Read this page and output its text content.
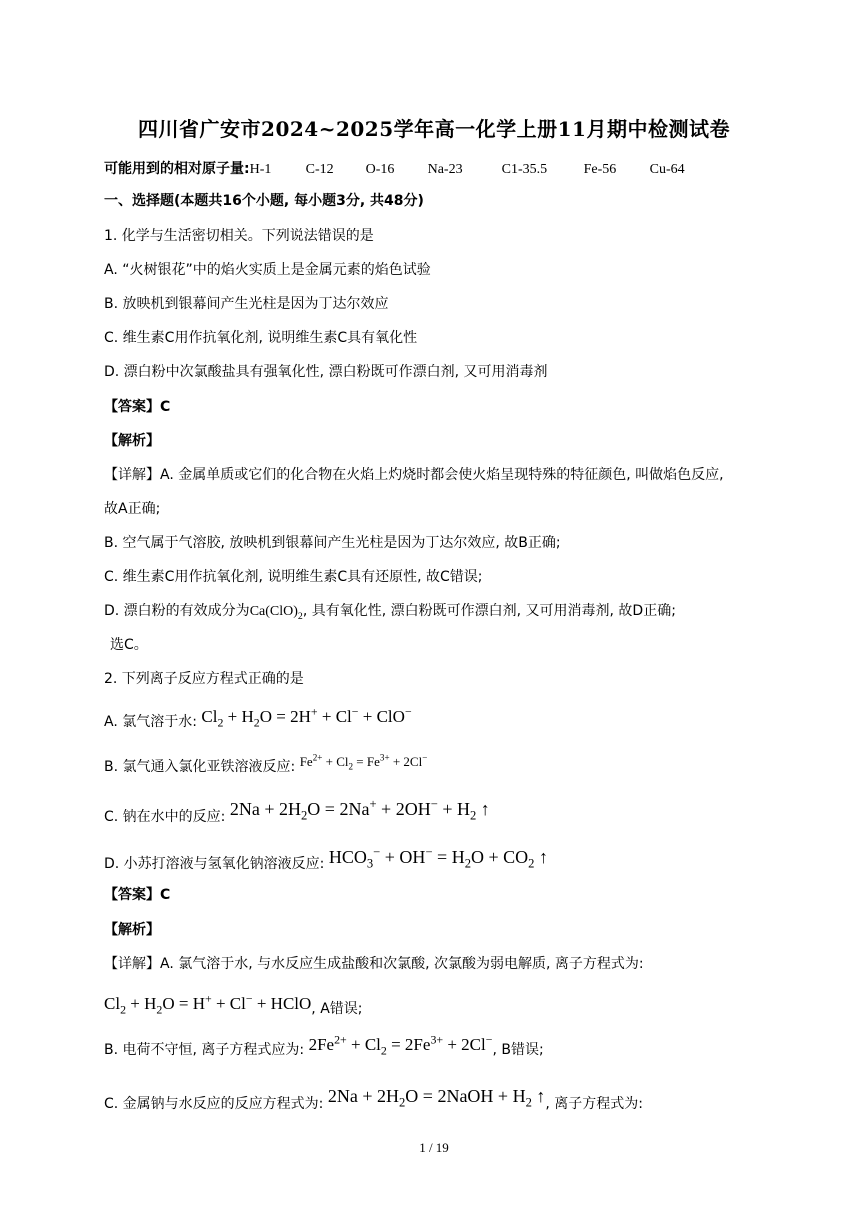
四川省广安市2024~2025学年高一化学上册11月期中检测试卷
可能用到的相对原子量:H-1 C-12 O-16 Na-23	C1-35.5	Fe-56 Cu-64
一、选择题(本题共16个小题, 每小题3分, 共48分)
1. 化学与生活密切相关。下列说法错误的是
A. “火树银花”中的焰火实质上是金属元素的焰色试验
B. 放映机到银幕间产生光柱是因为丁达尔效应
C. 维生素C用作抗氧化剂, 说明维生素C具有氧化性
D. 漂白粉中次氯酸盐具有强氧化性, 漂白粉既可作漂白剂, 又可用消毒剂
【答案】C
【解析】
【详解】A. 金属单质或它们的化合物在火焰上灼烧时都会使火焰呈现特殊的特征颜色, 叫做焰色反应,
故A正确;
B. 空气属于气溶胶, 放映机到银幕间产生光柱是因为丁达尔效应, 故B正确;
C. 维生素C用作抗氧化剂, 说明维生素C具有还原性, 故C错误;
D. 漂白粉的有效成分为$Ca(ClO)_2$, 具有氧化性, 漂白粉既可作漂白剂, 又可用消毒剂, 故D正确;
选C。
2. 下列离子反应方程式正确的是
A. 氯气溶于水: $Cl_2 + H_2O = 2H^+ + Cl^- + ClO^-$
B. 氯气通入氯化亚铁溶液反应: $Fe^{2+} + Cl_2 = Fe^{3+} + 2Cl^-$
C. 钠在水中的反应: $2Na + 2H_2O = 2Na^+ + 2OH^- + H_2$ ↑
D. 小苏打溶液与氢氧化钠溶液反应: $HCO_3^- + OH^- = H_2O + CO_2$ ↑
【答案】C
【解析】
【详解】A. 氯气溶于水, 与水反应生成盐酸和次氯酸, 次氯酸为弱电解质, 离子方程式为:
$Cl_2 + H_2O = H^+ + Cl^-$ + HClO, A错误;
B. 电荷不守恒, 离子方程式应为: $2Fe^{2+} + Cl_2 = 2Fe^{3+} + 2Cl^-$, B错误;
C. 金属钠与水反应的反应方程式为: $2Na + 2H_2O$ = 2NaOH + $H_2$ ↑, 离子方程式为:
1 / 19
